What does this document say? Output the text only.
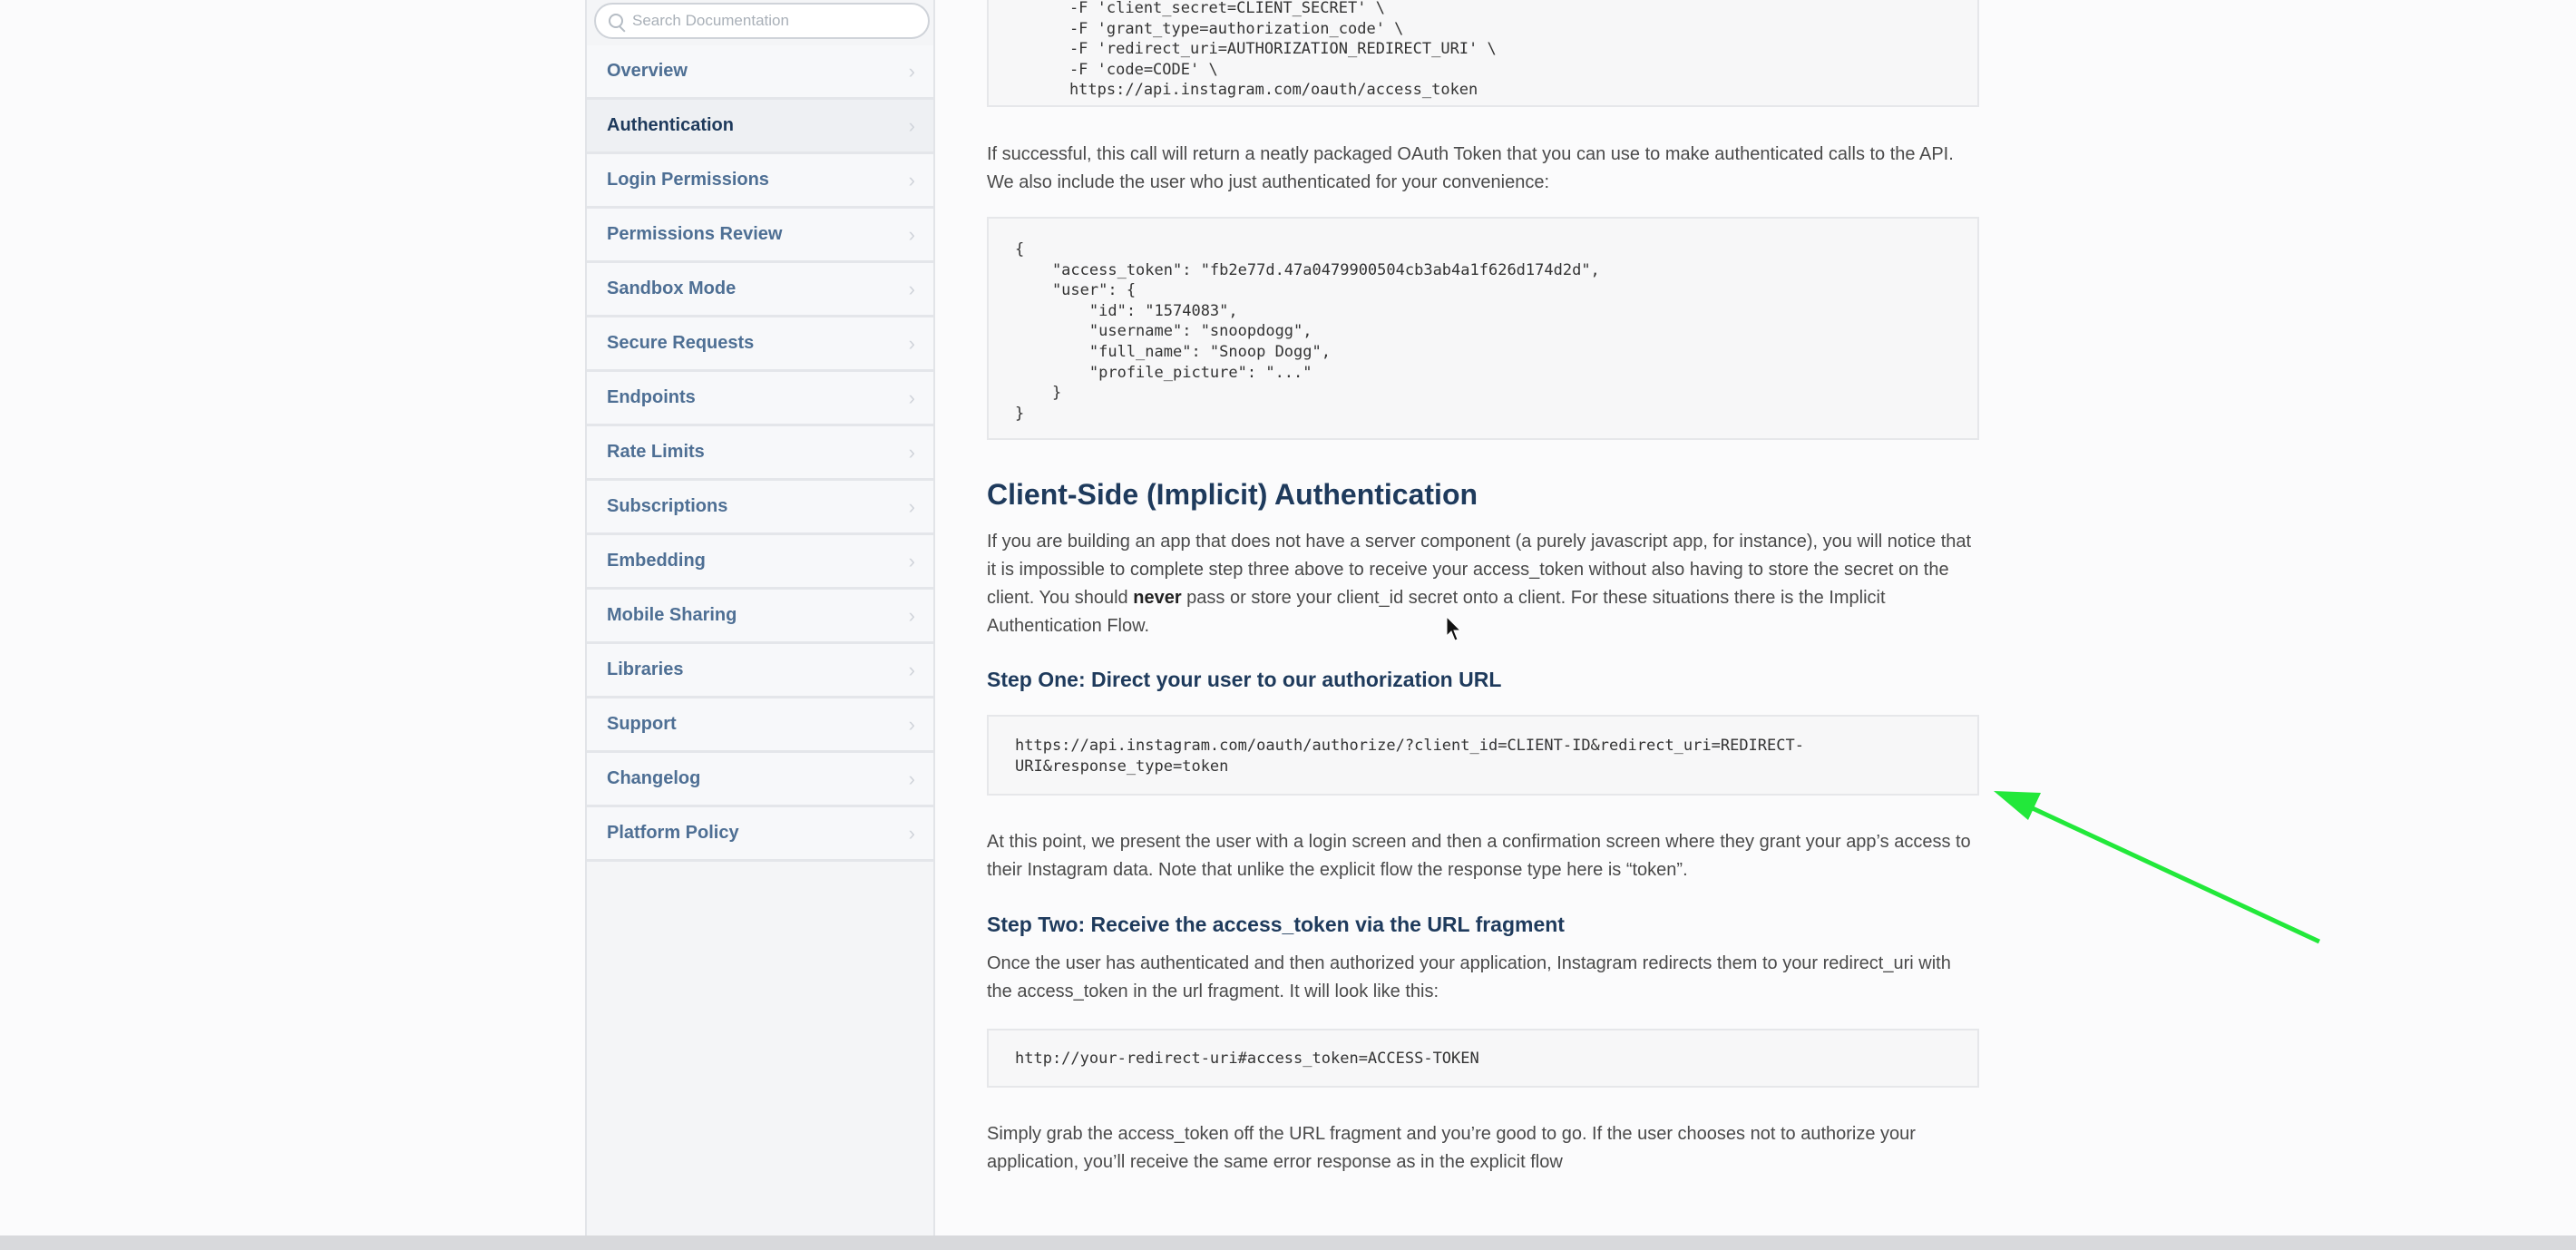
Search Documentation
Overview	›
Authentication	›
Login Permissions	›
Permissions Review	›
Sandbox Mode	›
Secure Requests	›
Endpoints	›
Rate Limits	›
Subscriptions	›
Embedding	›
Mobile Sharing	›
Libraries	›
Support	›
Changelog	›
Platform Policy	›
-F 'client_secret=CLIENT_SECRET' \
-F 'grant_type=authorization_code' \
-F 'redirect_uri=AUTHORIZATION_REDIRECT_URI' \
-F 'code=CODE' \
https://api.instagram.com/oauth/access_token
If successful, this call will return a neatly packaged OAuth Token that you can use to make authenticated calls to the API. We also include the user who just authenticated for your convenience:
{
"access_token": "fb2e77d.47a0479900504cb3ab4a1f626d174d2d",
"user": {
"id": "1574083",
"username": "snoopdogg",
"full_name": "Snoop Dogg",
"profile_picture": "..."
}
}
Client-Side (Implicit) Authentication
If you are building an app that does not have a server component (a purely javascript app, for instance), you will notice that it is impossible to complete step three above to receive your access_token without also having to store the secret on the client. You should never pass or store your client_id secret onto a client. For these situations there is the Implicit Authentication Flow.
Step One: Direct your user to our authorization URL
https://api.instagram.com/oauth/authorize/?client_id=CLIENT-ID&redirect_uri=REDIRECT-
URI&response_type=token
At this point, we present the user with a login screen and then a confirmation screen where they grant your app’s access to their Instagram data. Note that unlike the explicit flow the response type here is “token”.
Step Two: Receive the access_token via the URL fragment
Once the user has authenticated and then authorized your application, Instagram redirects them to your redirect_uri with the access_token in the url fragment. It will look like this:
http://your-redirect-uri#access_token=ACCESS-TOKEN
Simply grab the access_token off the URL fragment and you’re good to go. If the user chooses not to authorize your application, you’ll receive the same error response as in the explicit flow
